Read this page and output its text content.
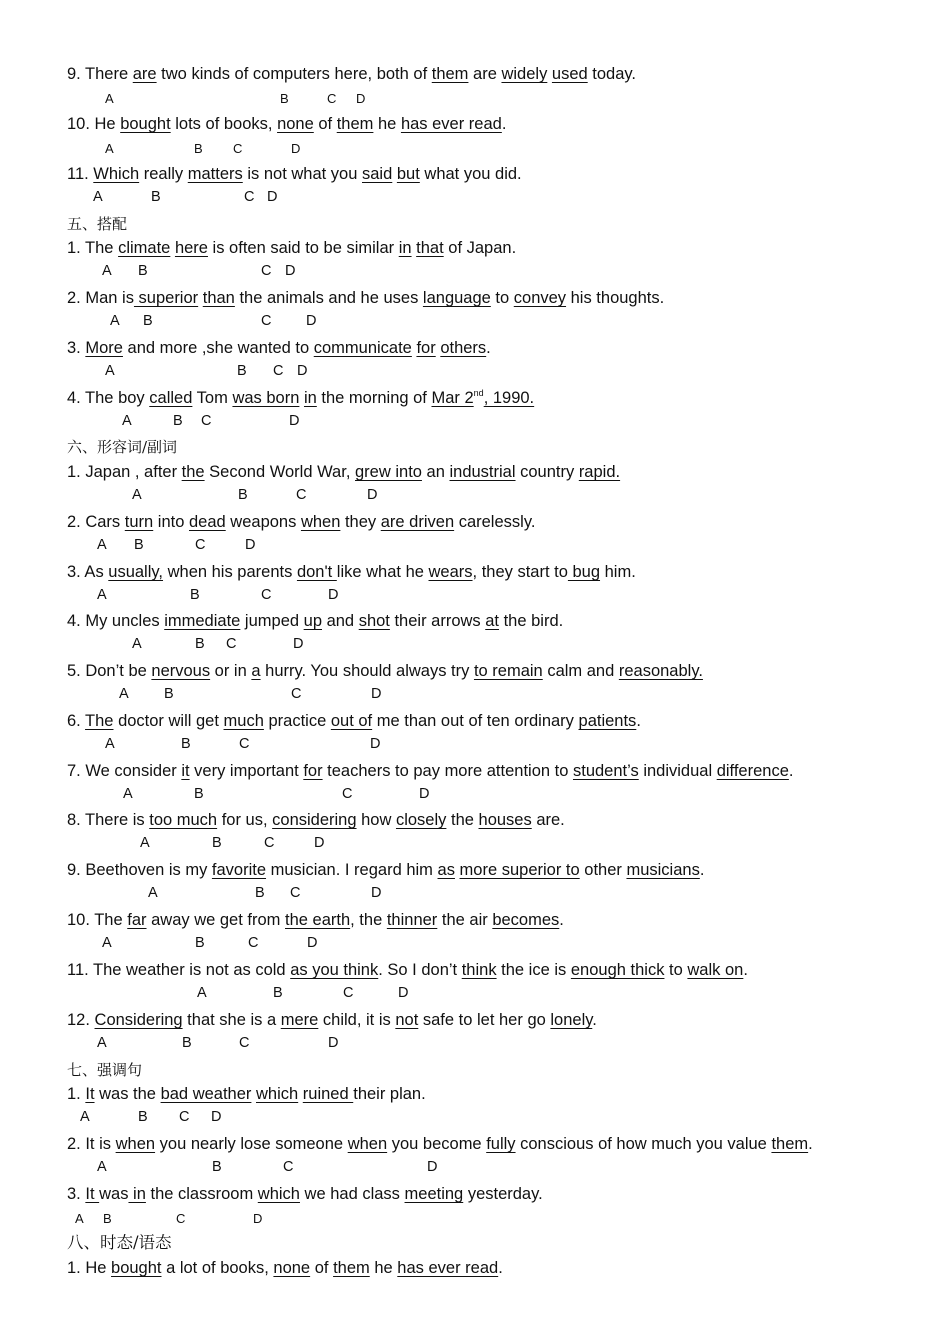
9. There are two kinds of computers here, both of them are widely used today.
A	B	C D
10. He bought lots of books, none of them he has ever read.
A	B C	D
11. Which really matters is not what you said but what you did.
A	B	C D
五、搭配
1. The climate here is often said to be similar in that of Japan.
A B	C D
2. Man is superior than the animals and he uses language to convey his thoughts.
A B	C D
3. More and more ,she wanted to communicate for others.
A	B C D
4. The boy called Tom was born in the morning of Mar 2nd, 1990.
A	B C	D
六、形容词/副词
1. Japan , after the Second World War, grew into an industrial country rapid.
A	B	C	D
2. Cars turn into dead weapons when they are driven carelessly.
A B	C	D
3. As usually, when his parents don't like what he wears, they start to bug him.
A	B	C	D
4. My uncles immediate jumped up and shot their arrows at the bird.
A	B C	D
5. Don’t be nervous or in a hurry. You should always try to remain calm and reasonably.
A B	C	D
6. The doctor will get much practice out of me than out of ten ordinary patients.
A	B	C	D
7. We consider it very important for teachers to pay more attention to student’s individual difference.
A	B	C	D
8. There is too much for us, considering how closely the houses are.
A	B	C	D
9. Beethoven is my favorite musician. I regard him as more superior to other musicians.
A	B C	D
10. The far away we get from the earth, the thinner the air becomes.
A	B	C	D
11. The weather is not as cold as you think. So I don’t think the ice is enough thick to walk on.
A	B	C	D
12. Considering that she is a mere child, it is not safe to let her go lonely.
A	B	C	D
七、强调句
1. It was the bad weather which ruined their plan.
A	B C D
2. It is when you nearly lose someone when you become fully conscious of how much you value them.
A	B	C	D
3. It was in the classroom which we had class meeting yesterday.
A B	C	D
八、时态/语态
1. He bought a lot of books, none of them he has ever read.
